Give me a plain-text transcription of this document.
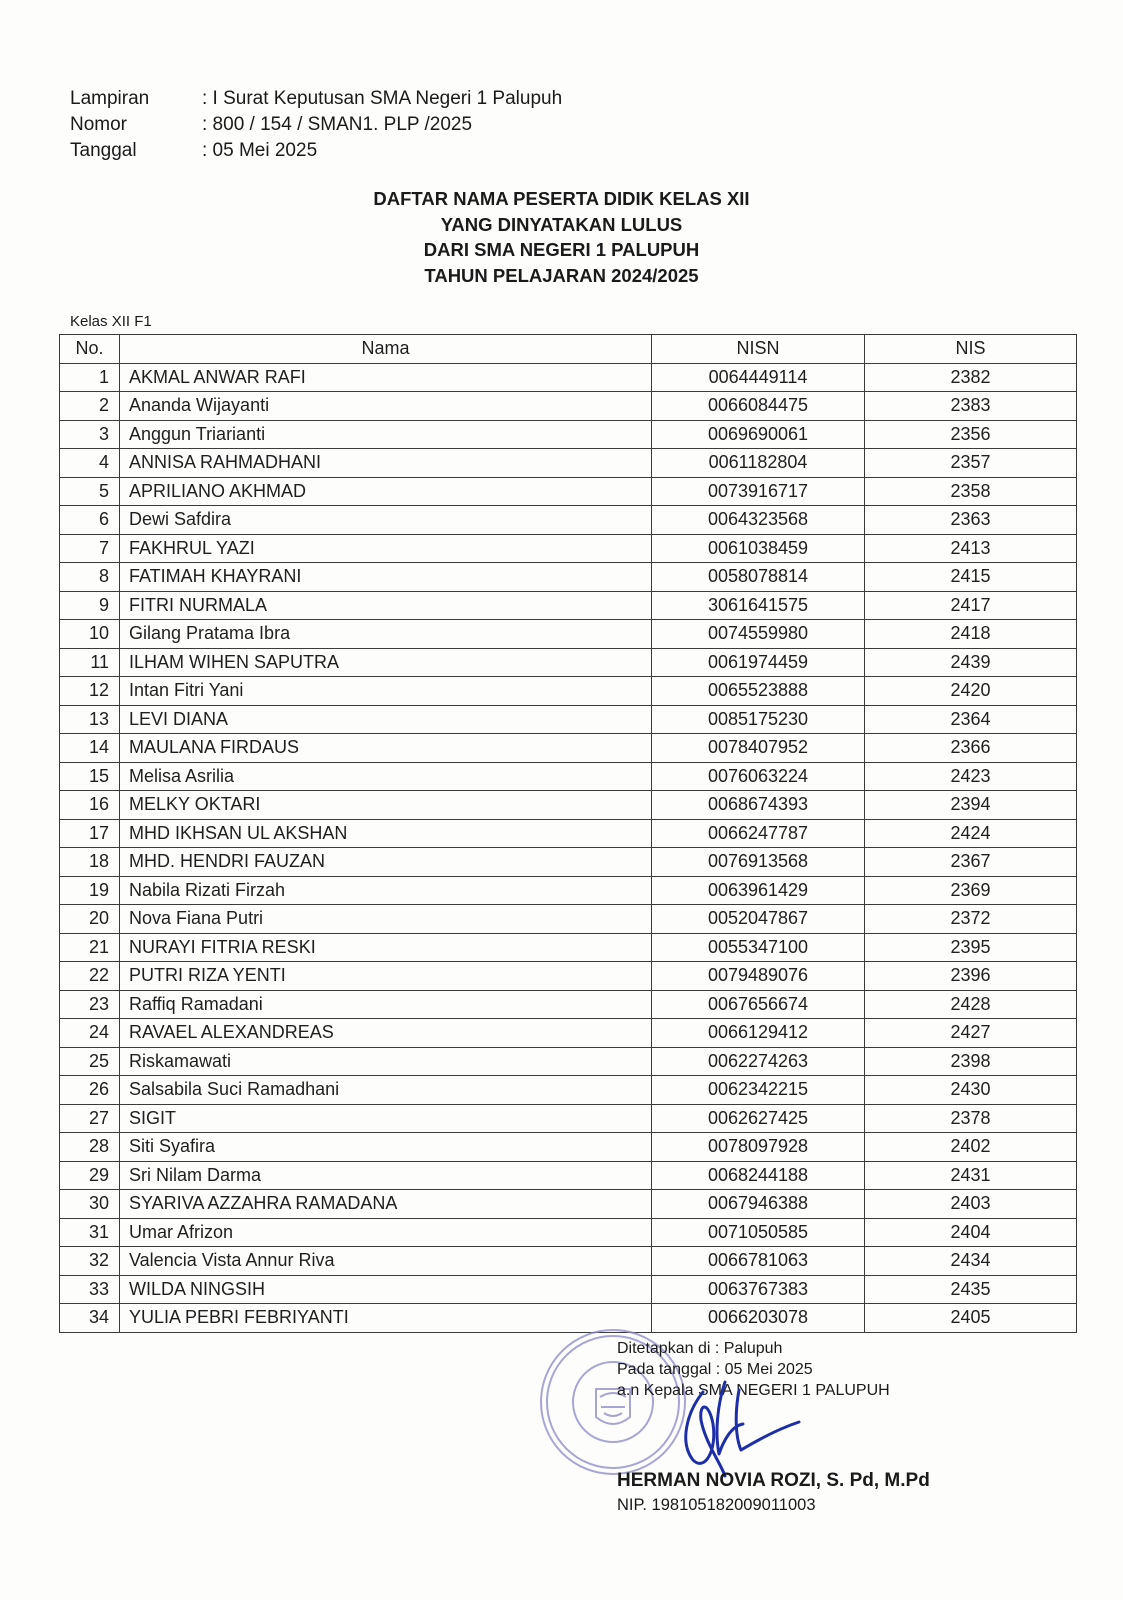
Lampiran	: I Surat Keputusan SMA Negeri 1 Palupuh
Nomor	: 800 / 154 / SMAN1. PLP /2025
Tanggal	: 05 Mei 2025
DAFTAR NAMA PESERTA DIDIK KELAS XII
YANG DINYATAKAN LULUS
DARI SMA NEGERI 1 PALUPUH
TAHUN PELAJARAN 2024/2025
Kelas XII F1
No.	Nama	NISN	NIS
1	AKMAL ANWAR RAFI	0064449114	2382
2	Ananda Wijayanti	0066084475	2383
3	Anggun Triarianti	0069690061	2356
4	ANNISA RAHMADHANI	0061182804	2357
5	APRILIANO AKHMAD	0073916717	2358
6	Dewi Safdira	0064323568	2363
7	FAKHRUL YAZI	0061038459	2413
8	FATIMAH KHAYRANI	0058078814	2415
9	FITRI NURMALA	3061641575	2417
10	Gilang Pratama Ibra	0074559980	2418
11	ILHAM WIHEN SAPUTRA	0061974459	2439
12	Intan Fitri Yani	0065523888	2420
13	LEVI DIANA	0085175230	2364
14	MAULANA FIRDAUS	0078407952	2366
15	Melisa Asrilia	0076063224	2423
16	MELKY OKTARI	0068674393	2394
17	MHD IKHSAN UL AKSHAN	0066247787	2424
18	MHD. HENDRI FAUZAN	0076913568	2367
19	Nabila Rizati Firzah	0063961429	2369
20	Nova Fiana Putri	0052047867	2372
21	NURAYI FITRIA RESKI	0055347100	2395
22	PUTRI RIZA YENTI	0079489076	2396
23	Raffiq Ramadani	0067656674	2428
24	RAVAEL ALEXANDREAS	0066129412	2427
25	Riskamawati	0062274263	2398
26	Salsabila Suci Ramadhani	0062342215	2430
27	SIGIT	0062627425	2378
28	Siti Syafira	0078097928	2402
29	Sri Nilam Darma	0068244188	2431
30	SYARIVA AZZAHRA RAMADANA	0067946388	2403
31	Umar Afrizon	0071050585	2404
32	Valencia Vista Annur Riva	0066781063	2434
33	WILDA NINGSIH	0063767383	2435
34	YULIA PEBRI FEBRIYANTI	0066203078	2405
Ditetapkan di : Palupuh
Pada tanggal : 05 Mei 2025
a.n Kepala SMA NEGERI 1 PALUPUH
HERMAN NOVIA ROZI, S. Pd, M.Pd
NIP. 198105182009011003
